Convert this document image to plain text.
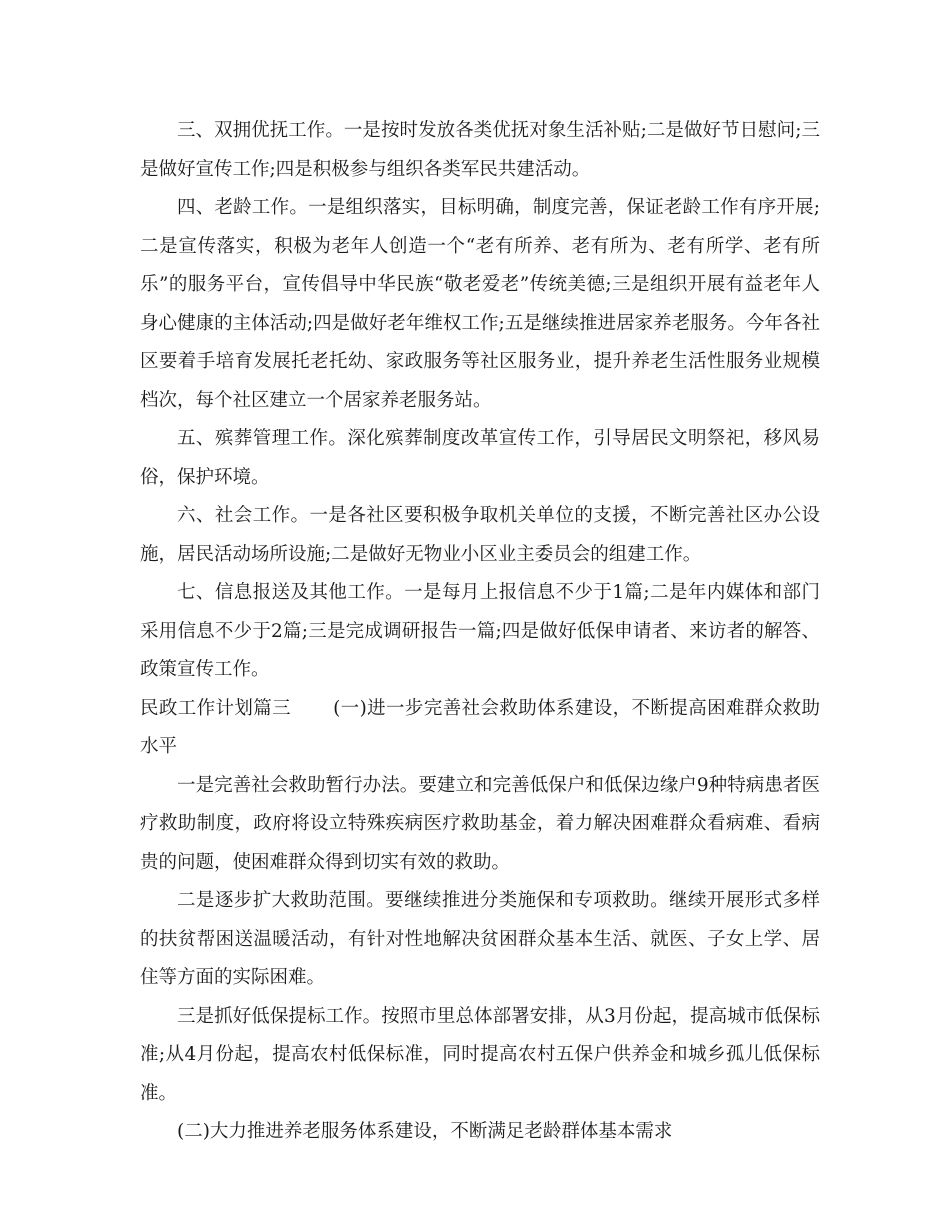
三、双拥优抚工作。一是按时发放各类优抚对象生活补贴;二是做好节日慰问;三是做好宣传工作;四是积极参与组织各类军民共建活动。

四、老龄工作。一是组织落实，目标明确，制度完善，保证老龄工作有序开展;二是宣传落实，积极为老年人创造一个“老有所养、老有所为、老有所学、老有所乐”的服务平台，宣传倡导中华民族“敬老爱老”传统美德;三是组织开展有益老年人身心健康的主体活动;四是做好老年维权工作;五是继续推进居家养老服务。今年各社区要着手培育发展托老托幼、家政服务等社区服务业，提升养老生活性服务业规模档次，每个社区建立一个居家养老服务站。

五、殡葬管理工作。深化殡葬制度改革宣传工作，引导居民文明祭祀，移风易俗，保护环境。

六、社会工作。一是各社区要积极争取机关单位的支援，不断完善社区办公设施，居民活动场所设施;二是做好无物业小区业主委员会的组建工作。

七、信息报送及其他工作。一是每月上报信息不少于1篇;二是年内媒体和部门采用信息不少于2篇;三是完成调研报告一篇;四是做好低保申请者、来访者的解答、政策宣传工作。

民政工作计划篇三 (一)进一步完善社会救助体系建设，不断提高困难群众救助水平

一是完善社会救助暂行办法。要建立和完善低保户和低保边缘户9种特病患者医疗救助制度，政府将设立特殊疾病医疗救助基金，着力解决困难群众看病难、看病贵的问题，使困难群众得到切实有效的救助。

二是逐步扩大救助范围。要继续推进分类施保和专项救助。继续开展形式多样的扶贫帮困送温暖活动，有针对性地解决贫困群众基本生活、就医、子女上学、居住等方面的实际困难。

三是抓好低保提标工作。按照市里总体部署安排，从3月份起，提高城市低保标准;从4月份起，提高农村低保标准，同时提高农村五保户供养金和城乡孤儿低保标准。

(二)大力推进养老服务体系建设，不断满足老龄群体基本需求
